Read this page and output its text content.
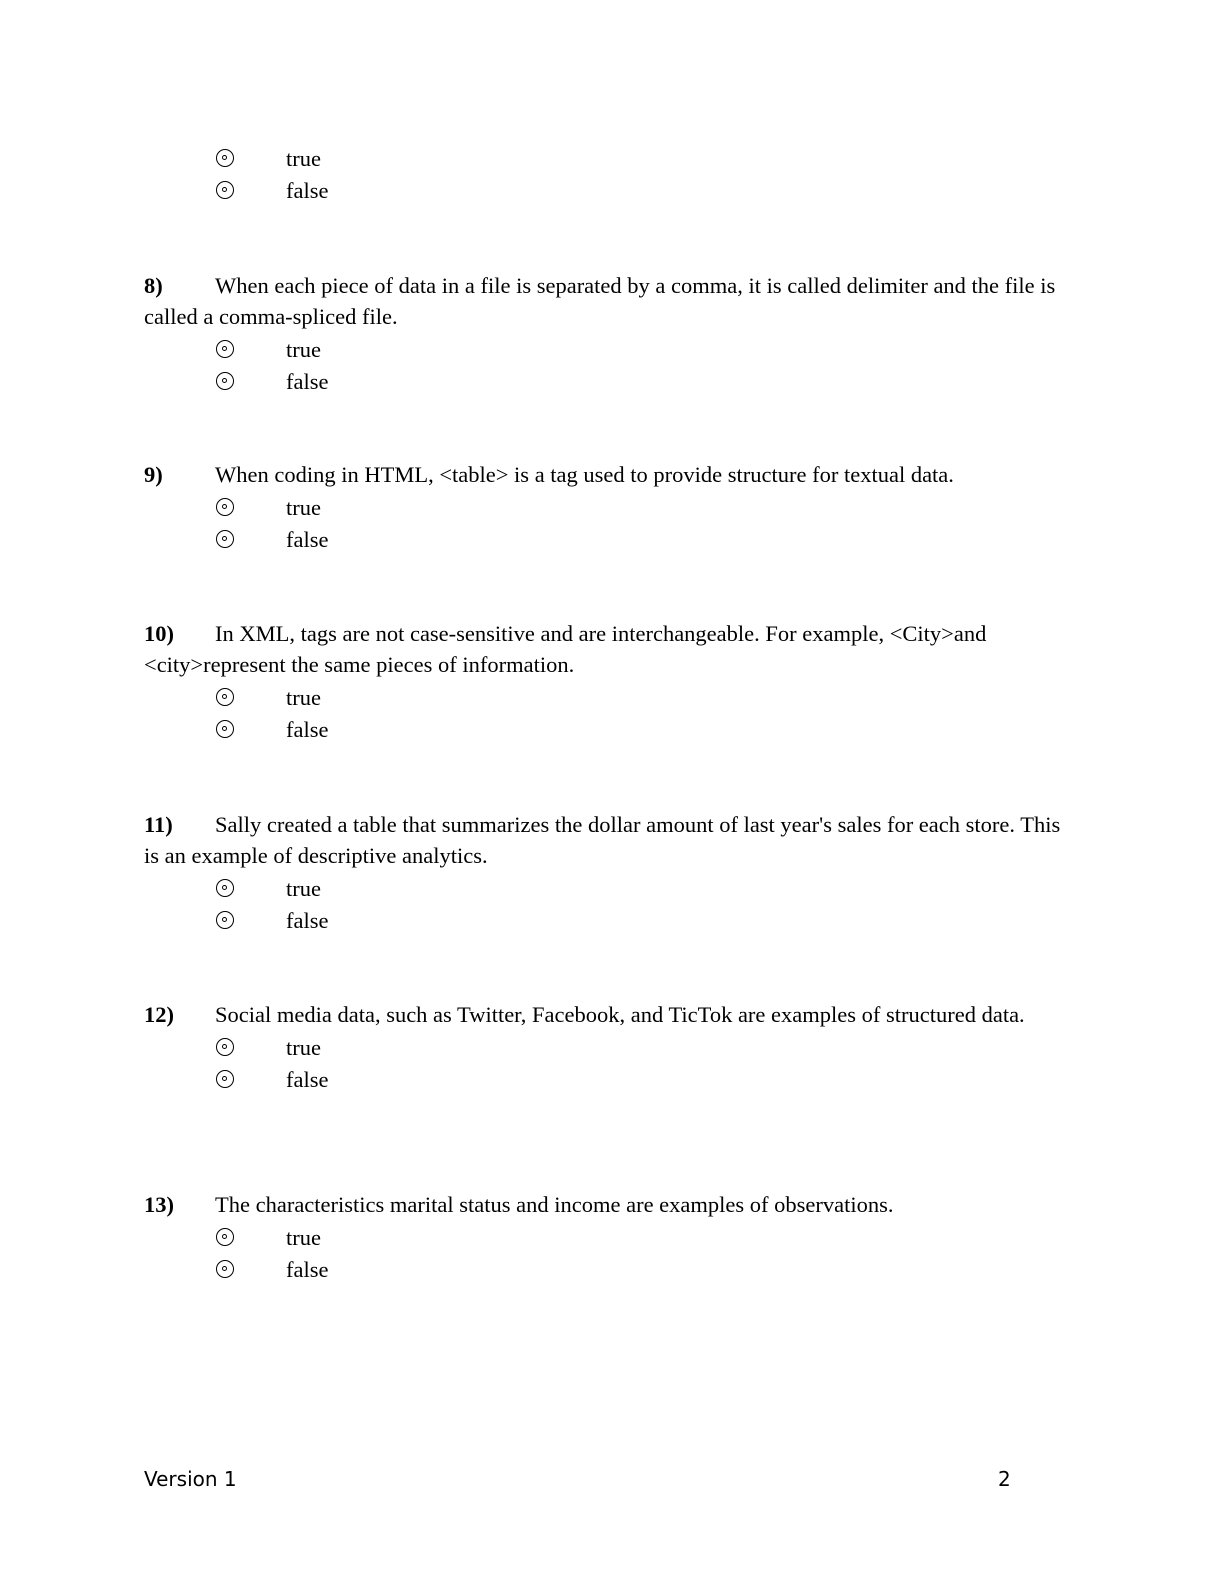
true
false

8) When each piece of data in a file is separated by a comma, it is called delimiter and the file is called a comma-spliced file.

true
false

9) When coding in HTML, <table> is a tag used to provide structure for textual data.

true
false

10) In XML, tags are not case-sensitive and are interchangeable. For example, <City>and <city>represent the same pieces of information.

true
false

11) Sally created a table that summarizes the dollar amount of last year's sales for each store. This is an example of descriptive analytics.

true
false

12) Social media data, such as Twitter, Facebook, and TicTok are examples of structured data.

true
false

13) The characteristics marital status and income are examples of observations.

true
false
Version 1	2
